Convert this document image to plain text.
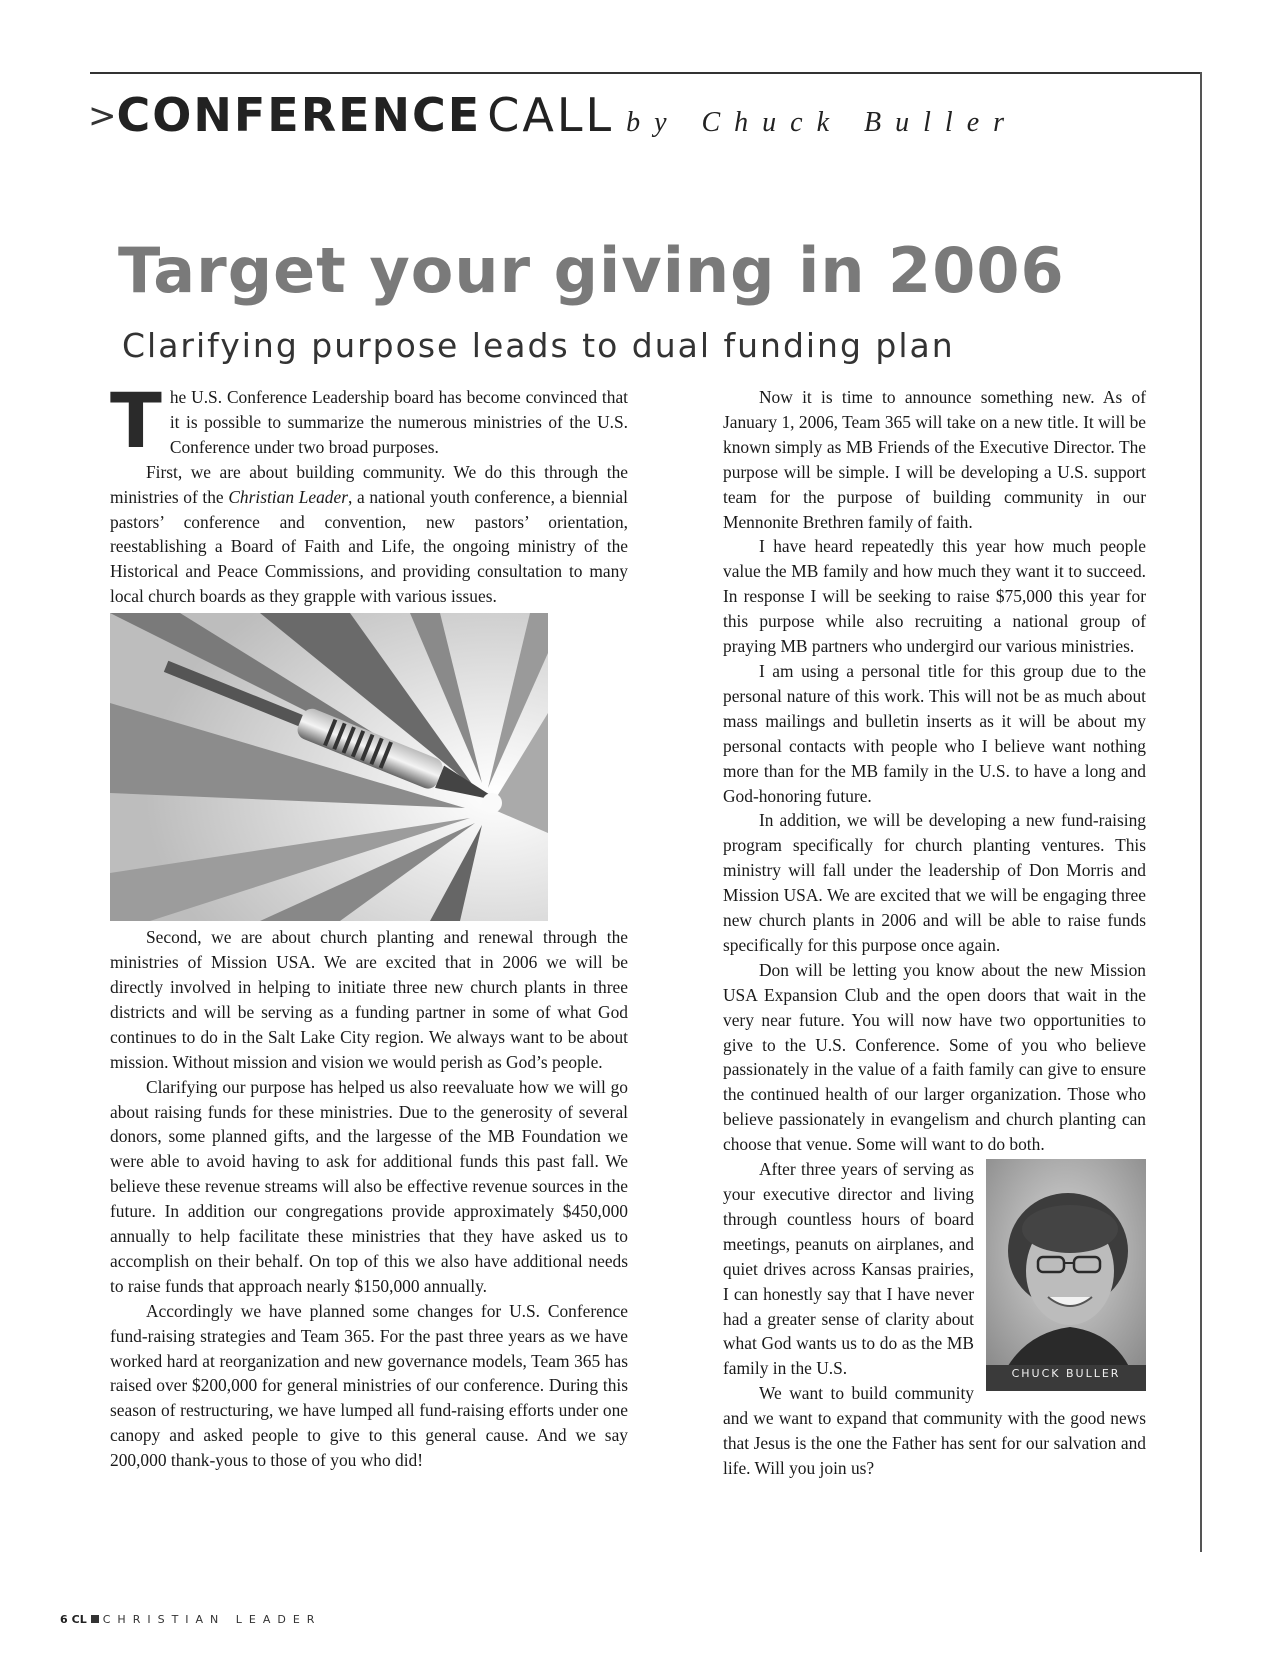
>CONFERENCE CALL by Chuck Buller
Target your giving in 2006
Clarifying purpose leads to dual funding plan

The U.S. Conference Leadership board has become convinced that it is possible to summarize the numerous ministries of the U.S. Conference under two broad purposes.

First, we are about building community. We do this through the ministries of the Christian Leader, a national youth conference, a biennial pastors’ conference and convention, new pastors’ orientation, reestablishing a Board of Faith and Life, the ongoing ministry of the Historical and Peace Commissions, and providing consultation to many local church boards as they grapple with various issues.

Second, we are about church planting and renewal through the ministries of Mission USA. We are excited that in 2006 we will be directly involved in helping to initiate three new church plants in three districts and will be serving as a funding partner in some of what God continues to do in the Salt Lake City region. We always want to be about mission. Without mission and vision we would perish as God’s people.

Clarifying our purpose has helped us also reevaluate how we will go about raising funds for these ministries. Due to the generosity of several donors, some planned gifts, and the largesse of the MB Foundation we were able to avoid having to ask for additional funds this past fall. We believe these revenue streams will also be effective revenue sources in the future. In addition our congregations provide approximately $450,000 annually to help facilitate these ministries that they have asked us to accomplish on their behalf. On top of this we also have additional needs to raise funds that approach nearly $150,000 annually.

Accordingly we have planned some changes for U.S. Conference fund-raising strategies and Team 365. For the past three years as we have worked hard at reorganization and new governance models, Team 365 has raised over $200,000 for general ministries of our conference. During this season of restructuring, we have lumped all fund-raising efforts under one canopy and asked people to give to this general cause. And we say 200,000 thank-yous to those of you who did!

Now it is time to announce something new. As of January 1, 2006, Team 365 will take on a new title. It will be known simply as MB Friends of the Executive Director. The purpose will be simple. I will be developing a U.S. support team for the purpose of building community in our Mennonite Brethren family of faith.

I have heard repeatedly this year how much people value the MB family and how much they want it to succeed. In response I will be seeking to raise $75,000 this year for this purpose while also recruiting a national group of praying MB partners who undergird our various ministries.

I am using a personal title for this group due to the personal nature of this work. This will not be as much about mass mailings and bulletin inserts as it will be about my personal contacts with people who I believe want nothing more than for the MB family in the U.S. to have a long and God-honoring future.

In addition, we will be developing a new fund-raising program specifically for church planting ventures. This ministry will fall under the leadership of Don Morris and Mission USA. We are excited that we will be engaging three new church plants in 2006 and will be able to raise funds specifically for this purpose once again.

Don will be letting you know about the new Mission USA Expansion Club and the open doors that wait in the very near future. You will now have two opportunities to give to the U.S. Conference. Some of you who believe passionately in the value of a faith family can give to ensure the continued health of our larger organization. Those who believe passionately in evangelism and church planting can choose that venue. Some will want to do both.

CHUCK BULLER

After three years of serving as your executive director and living through countless hours of board meetings, peanuts on airplanes, and quiet drives across Kansas prairies, I can honestly say that I have never had a greater sense of clarity about what God wants us to do as the MB family in the U.S.

We want to build community and we want to expand that community with the good news that Jesus is the one the Father has sent for our salvation and life. Will you join us?

6 CL CHRISTIAN LEADER
